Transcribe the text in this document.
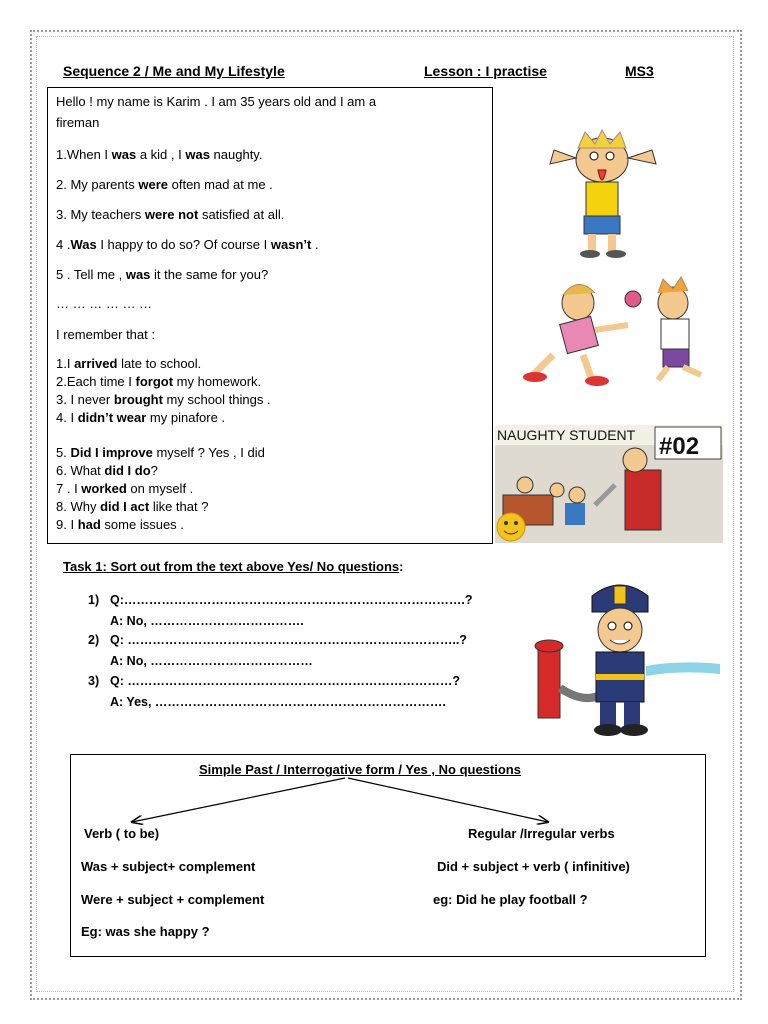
Sequence 2 / Me and My Lifestyle	Lesson : I practise	MS3
Hello ! my name is Karim . I am 35 years old and I am a
fireman
1.When I was a kid , I was naughty.
2. My parents were often mad at me .
3. My teachers were not satisfied at all.
4 .Was I happy to do so? Of course I wasn’t .
5 . Tell me , was it the same for you?
… … … … … …
I remember that :
1.I arrived late to school.
2.Each time I forgot my homework.
3. I never brought my school things .
4. I didn’t wear my pinafore .
5. Did I improve myself ? Yes , I did
6. What did I do?
7 . I worked on myself .
8. Why did I act like that ?
9. I had some issues .
NAUGHTY STUDENT #02
Task 1: Sort out from the text above Yes/ No questions:
1) Q:……………………………………………………………………….?
A: No, ……………………………….
2) Q: ……………………………………………………………………..?
A: No, …………………………………
3) Q: ……………………………………………………………………?
A: Yes, …………………………………………………………….
Simple Past / Interrogative form / Yes , No questions
Verb ( to be)	Regular /Irregular verbs
Was + subject+ complement	Did + subject + verb ( infinitive)
Were + subject + complement	eg: Did he play football ?
Eg: was she happy ?
